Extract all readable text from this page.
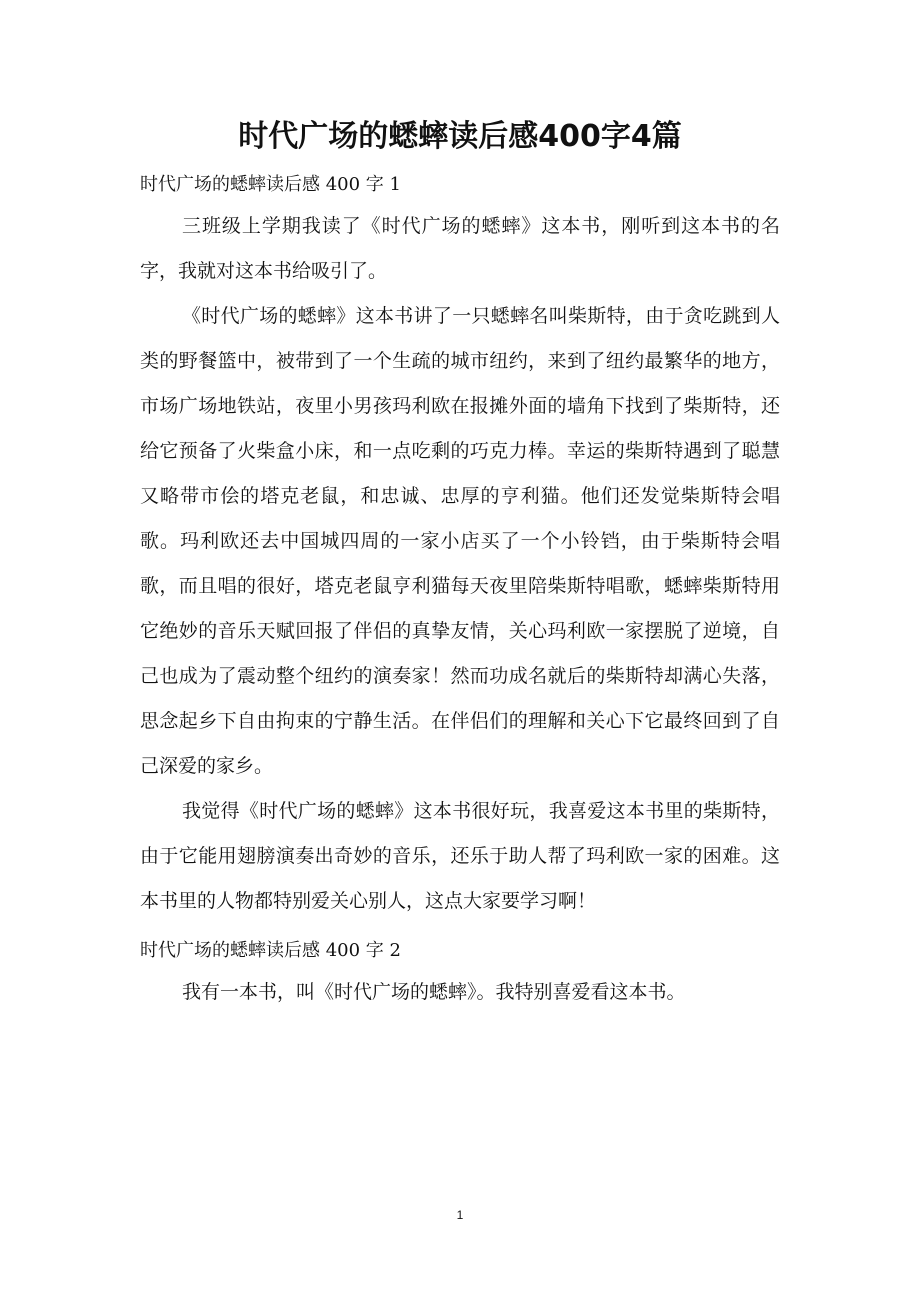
时代广场的蟋蟀读后感400字4篇

时代广场的蟋蟀读后感 400 字 1

三班级上学期我读了《时代广场的蟋蟀》这本书，刚听到这本书的名字，我就对这本书给吸引了。

《时代广场的蟋蟀》这本书讲了一只蟋蟀名叫柴斯特，由于贪吃跳到人类的野餐篮中，被带到了一个生疏的城市纽约，来到了纽约最繁华的地方，市场广场地铁站，夜里小男孩玛利欧在报摊外面的墙角下找到了柴斯特，还给它预备了火柴盒小床，和一点吃剩的巧克力棒。幸运的柴斯特遇到了聪慧又略带市侩的塔克老鼠，和忠诚、忠厚的亨利猫。他们还发觉柴斯特会唱歌。玛利欧还去中国城四周的一家小店买了一个小铃铛，由于柴斯特会唱歌，而且唱的很好，塔克老鼠亨利猫每天夜里陪柴斯特唱歌，蟋蟀柴斯特用它绝妙的音乐天赋回报了伴侣的真挚友情，关心玛利欧一家摆脱了逆境，自己也成为了震动整个纽约的演奏家！然而功成名就后的柴斯特却满心失落，思念起乡下自由拘束的宁静生活。在伴侣们的理解和关心下它最终回到了自己深爱的家乡。

我觉得《时代广场的蟋蟀》这本书很好玩，我喜爱这本书里的柴斯特，由于它能用翅膀演奏出奇妙的音乐，还乐于助人帮了玛利欧一家的困难。这本书里的人物都特别爱关心别人，这点大家要学习啊！

时代广场的蟋蟀读后感 400 字 2

我有一本书，叫《时代广场的蟋蟀》。我特别喜爱看这本书。

1
